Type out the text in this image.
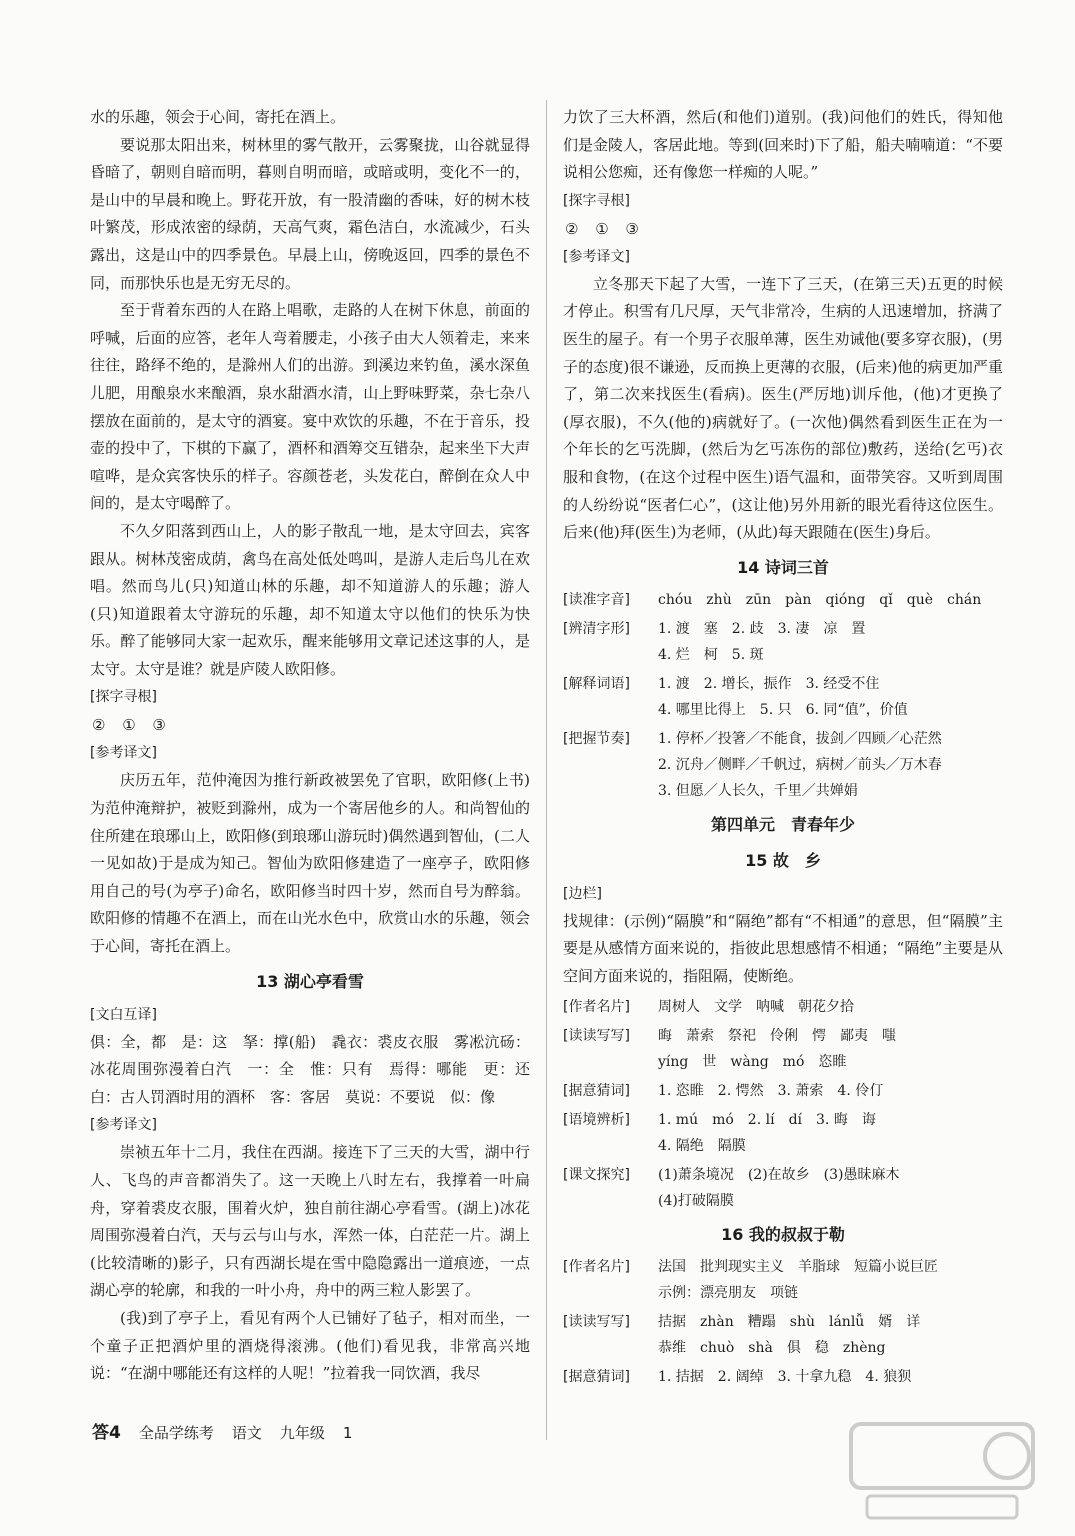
水的乐趣，领会于心间，寄托在酒上。

要说那太阳出来，树林里的雾气散开，云雾聚拢，山谷就显得昏暗了，朝则自暗而明，暮则自明而暗，或暗或明，变化不一的，是山中的早晨和晚上。野花开放，有一股清幽的香味，好的树木枝叶繁茂，形成浓密的绿荫，天高气爽，霜色洁白，水流减少，石头露出，这是山中的四季景色。早晨上山，傍晚返回，四季的景色不同，而那快乐也是无穷无尽的。

至于背着东西的人在路上唱歌，走路的人在树下休息，前面的呼喊，后面的应答，老年人弯着腰走，小孩子由大人领着走，来来往往，路绎不绝的，是滁州人们的出游。到溪边来钓鱼，溪水深鱼儿肥，用酿泉水来酿酒，泉水甜酒水清，山上野味野菜，杂七杂八摆放在面前的，是太守的酒宴。宴中欢饮的乐趣，不在于音乐，投壶的投中了，下棋的下赢了，酒杯和酒筹交互错杂，起来坐下大声喧哗，是众宾客快乐的样子。容颜苍老，头发花白，醉倒在众人中间的，是太守喝醉了。

不久夕阳落到西山上，人的影子散乱一地，是太守回去，宾客跟从。树林茂密成荫，禽鸟在高处低处鸣叫，是游人走后鸟儿在欢唱。然而鸟儿(只)知道山林的乐趣，却不知道游人的乐趣；游人(只)知道跟着太守游玩的乐趣，却不知道太守以他们的快乐为快乐。醉了能够同大家一起欢乐，醒来能够用文章记述这事的人，是太守。太守是谁？就是庐陵人欧阳修。

[探字寻根]

② ① ③

[参考译文]

庆历五年，范仲淹因为推行新政被罢免了官职，欧阳修(上书)为范仲淹辩护，被贬到滁州，成为一个寄居他乡的人。和尚智仙的住所建在琅琊山上，欧阳修(到琅琊山游玩时)偶然遇到智仙，(二人一见如故)于是成为知己。智仙为欧阳修建造了一座亭子，欧阳修用自己的号(为亭子)命名，欧阳修当时四十岁，然而自号为醉翁。欧阳修的情趣不在酒上，而在山光水色中，欣赏山水的乐趣，领会于心间，寄托在酒上。

13 湖心亭看雪

[文白互译]

俱：全，都　是：这　拏：撑(船)　毳衣：裘皮衣服　雾凇沆砀：冰花周围弥漫着白汽　一：全　惟：只有　焉得：哪能　更：还　白：古人罚酒时用的酒杯　客：客居　莫说：不要说　似：像

[参考译文]

崇祯五年十二月，我住在西湖。接连下了三天的大雪，湖中行人、飞鸟的声音都消失了。这一天晚上八时左右，我撑着一叶扁舟，穿着裘皮衣服，围着火炉，独自前往湖心亭看雪。(湖上)冰花周围弥漫着白汽，天与云与山与水，浑然一体，白茫茫一片。湖上(比较清晰的)影子，只有西湖长堤在雪中隐隐露出一道痕迹，一点湖心亭的轮廓，和我的一叶小舟，舟中的两三粒人影罢了。

(我)到了亭子上，看见有两个人已铺好了毡子，相对而坐，一个童子正把酒炉里的酒烧得滚沸。(他们)看见我，非常高兴地说：“在湖中哪能还有这样的人呢！”拉着我一同饮酒，我尽

力饮了三大杯酒，然后(和他们)道别。(我)问他们的姓氏，得知他们是金陵人，客居此地。等到(回来时)下了船，船夫喃喃道：“不要说相公您痴，还有像您一样痴的人呢。”

[探字寻根]

② ① ③

[参考译文]

立冬那天下起了大雪，一连下了三天，(在第三天)五更的时候才停止。积雪有几尺厚，天气非常冷，生病的人迅速增加，挤满了医生的屋子。有一个男子衣服单薄，医生劝诫他(要多穿衣服)，(男子的态度)很不谦逊，反而换上更薄的衣服，(后来)他的病更加严重了，第二次来找医生(看病)。医生(严厉地)训斥他，(他)才更换了(厚衣服)，不久(他的)病就好了。(一次他)偶然看到医生正在为一个年长的乞丐洗脚，(然后为乞丐冻伤的部位)敷药，送给(乞丐)衣服和食物，(在这个过程中医生)语气温和，面带笑容。又听到周围的人纷纷说“医者仁心”，(这让他)另外用新的眼光看待这位医生。后来(他)拜(医生)为老师，(从此)每天跟随在(医生)身后。

14 诗词三首
[读准字音]	chóu　zhù　zūn　pàn　qióng　qǐ　què　chán
[辨清字形]	1. 渡　塞　2. 歧　3. 凄　凉　置
4. 烂　柯　5. 斑
[解释词语]	1. 渡　2. 增长，振作　3. 经受不住
4. 哪里比得上　5. 只　6. 同“值”，价值
[把握节奏]	1. 停杯／投箸／不能食，拔剑／四顾／心茫然
2. 沉舟／侧畔／千帆过，病树／前头／万木春
3. 但愿／人长久，千里／共婵娟
第四单元　青春年少
15 故　乡

[边栏]

找规律：(示例)“隔膜”和“隔绝”都有“不相通”的意思，但“隔膜”主要是从感情方面来说的，指彼此思想感情不相通；“隔绝”主要是从空间方面来说的，指阻隔，使断绝。

[作者名片]	周树人　文学　呐喊　朝花夕拾
[读读写写]	晦　萧索　祭祀　伶俐　愕　鄙夷　嗤
yíng　世　wàng　mó　恣睢
[据意猜词]	1. 恣睢　2. 愕然　3. 萧索　4. 伶仃
[语境辨析]	1. mú　mó　2. lí　dí　3. 晦　诲
4. 隔绝　隔膜
[课文探究]	(1)萧条境况　(2)在故乡　(3)愚昧麻木
(4)打破隔膜
16 我的叔叔于勒
[作者名片]	法国　批判现实主义　羊脂球　短篇小说巨匠
示例：漂亮朋友　项链
[读读写写]	拮据　zhàn　糟蹋　shù　lánlǚ　婿　详
恭维　chuò　shà　俱　稳　zhèng
[据意猜词]	1. 拮据　2. 阔绰　3. 十拿九稳　4. 狼狈
答4 全品学练考 语文 九年级 1
